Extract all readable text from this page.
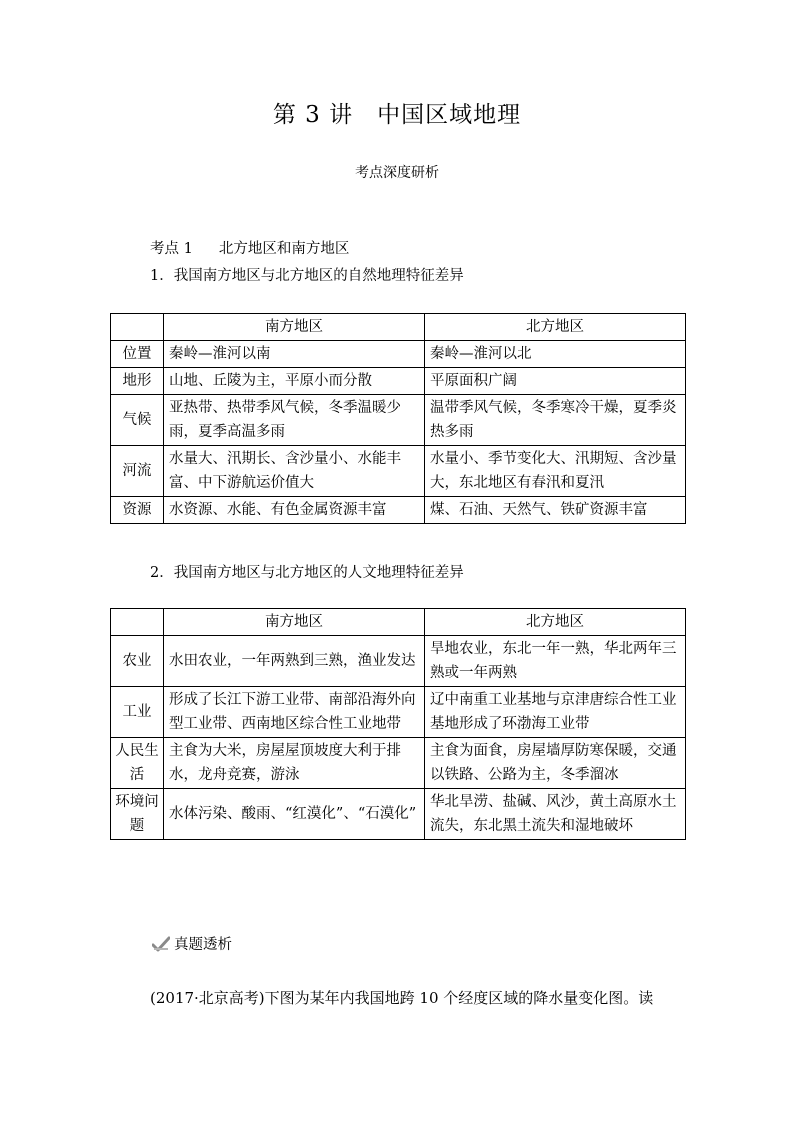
第 3 讲　中国区域地理
考点深度研析
考点 1 北方地区和南方地区
1．我国南方地区与北方地区的自然地理特征差异
	南方地区	北方地区
位置	秦岭—淮河以南	秦岭—淮河以北
地形	山地、丘陵为主，平原小而分散	平原面积广阔
气候	亚热带、热带季风气候，冬季温暖少雨，夏季高温多雨	温带季风气候，冬季寒冷干燥，夏季炎热多雨
河流	水量大、汛期长、含沙量小、水能丰富、中下游航运价值大	水量小、季节变化大、汛期短、含沙量大，东北地区有春汛和夏汛
资源	水资源、水能、有色金属资源丰富	煤、石油、天然气、铁矿资源丰富
2．我国南方地区与北方地区的人文地理特征差异
	南方地区	北方地区
农业	水田农业，一年两熟到三熟，渔业发达	旱地农业，东北一年一熟，华北两年三熟或一年两熟
工业	形成了长江下游工业带、南部沿海外向型工业带、西南地区综合性工业地带	辽中南重工业基地与京津唐综合性工业基地形成了环渤海工业带
人民生活	主食为大米，房屋屋顶坡度大利于排水，龙舟竞赛，游泳	主食为面食，房屋墙厚防寒保暖，交通以铁路、公路为主，冬季溜冰
环境问题	水体污染、酸雨、“红漠化”、“石漠化”	华北旱涝、盐碱、风沙，黄土高原水土流失，东北黑土流失和湿地破坏
真题透析
(2017·北京高考)下图为某年内我国地跨 10 个经度区域的降水量变化图。读
